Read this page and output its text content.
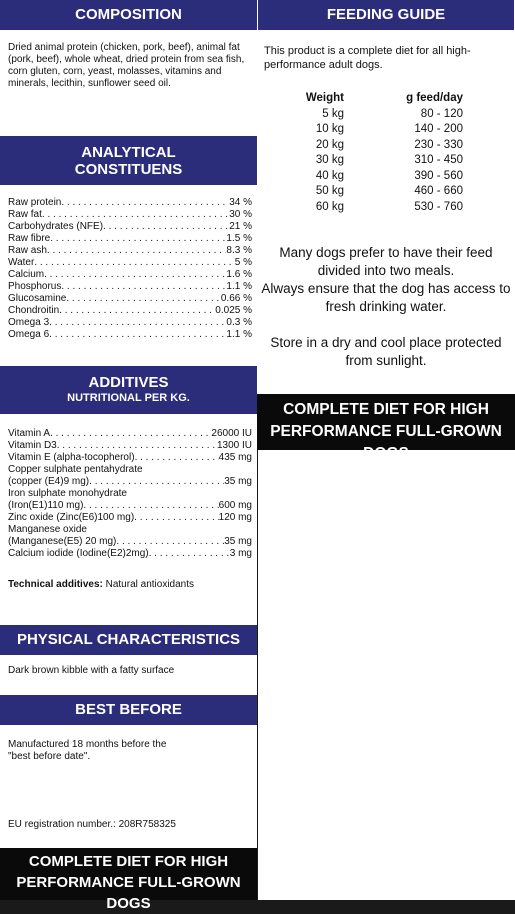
COMPOSITION
Dried animal protein (chicken, pork, beef), animal fat (pork, beef), whole wheat, dried protein from sea fish, corn gluten, corn, yeast, molasses, vitamins and minerals, lecithin, sunflower seed oil.
ANALYTICAL
CONSTITUENS
Raw protein . . .	34 %
Raw fat . . .	30 %
Carbohydrates (NFE) . . .	21 %
Raw fibre . . .	1.5 %
Raw ash . . .	8.3 %
Water . . .	5 %
Calcium . . .	1.6 %
Phosphorus . . .	1.1 %
Glucosamine . . .	0.66 %
Chondroitin . . .	0.025 %
Omega 3 . . .	0.3 %
Omega 6 . . .	1.1 %
ADDITIVES
NUTRITIONAL PER KG.
Vitamin A . . .	26000 IU
Vitamin D3 . . .	1300 IU
Vitamin E (alpha-tocopherol) . . .	435 mg
Copper sulphate pentahydrate
(copper (E4)9 mg) . . .	35 mg
Iron sulphate monohydrate
(Iron(E1)110 mg) . . .	600 mg
Zinc oxide (Zinc(E6)100 mg) . . .	120 mg
Manganese oxide
(Manganese(E5) 20 mg) . . .	35 mg
Calcium iodide (Iodine(E2)2mg) . . .	3 mg
Technical additives: Natural antioxidants
PHYSICAL CHARACTERISTICS
Dark brown kibble with a fatty surface
BEST BEFORE
Manufactured 18 months before the
"best before date".
EU registration number.: 208R758325
COMPLETE DIET FOR HIGH
PERFORMANCE FULL-GROWN DOGS
FEEDING GUIDE
This product is a complete diet for all high-performance adult dogs.
Weight	g feed/day
5 kg	80 - 120
10 kg	140 - 200
20 kg	230 - 330
30 kg	310 - 450
40 kg	390 - 560
50 kg	460 - 660
60 kg	530 - 760
Many dogs prefer to have their feed divided into two meals.
Always ensure that the dog has access to fresh drinking water.
Store in a dry and cool place protected from sunlight.
COMPLETE DIET FOR HIGH
PERFORMANCE FULL-GROWN DOGS
